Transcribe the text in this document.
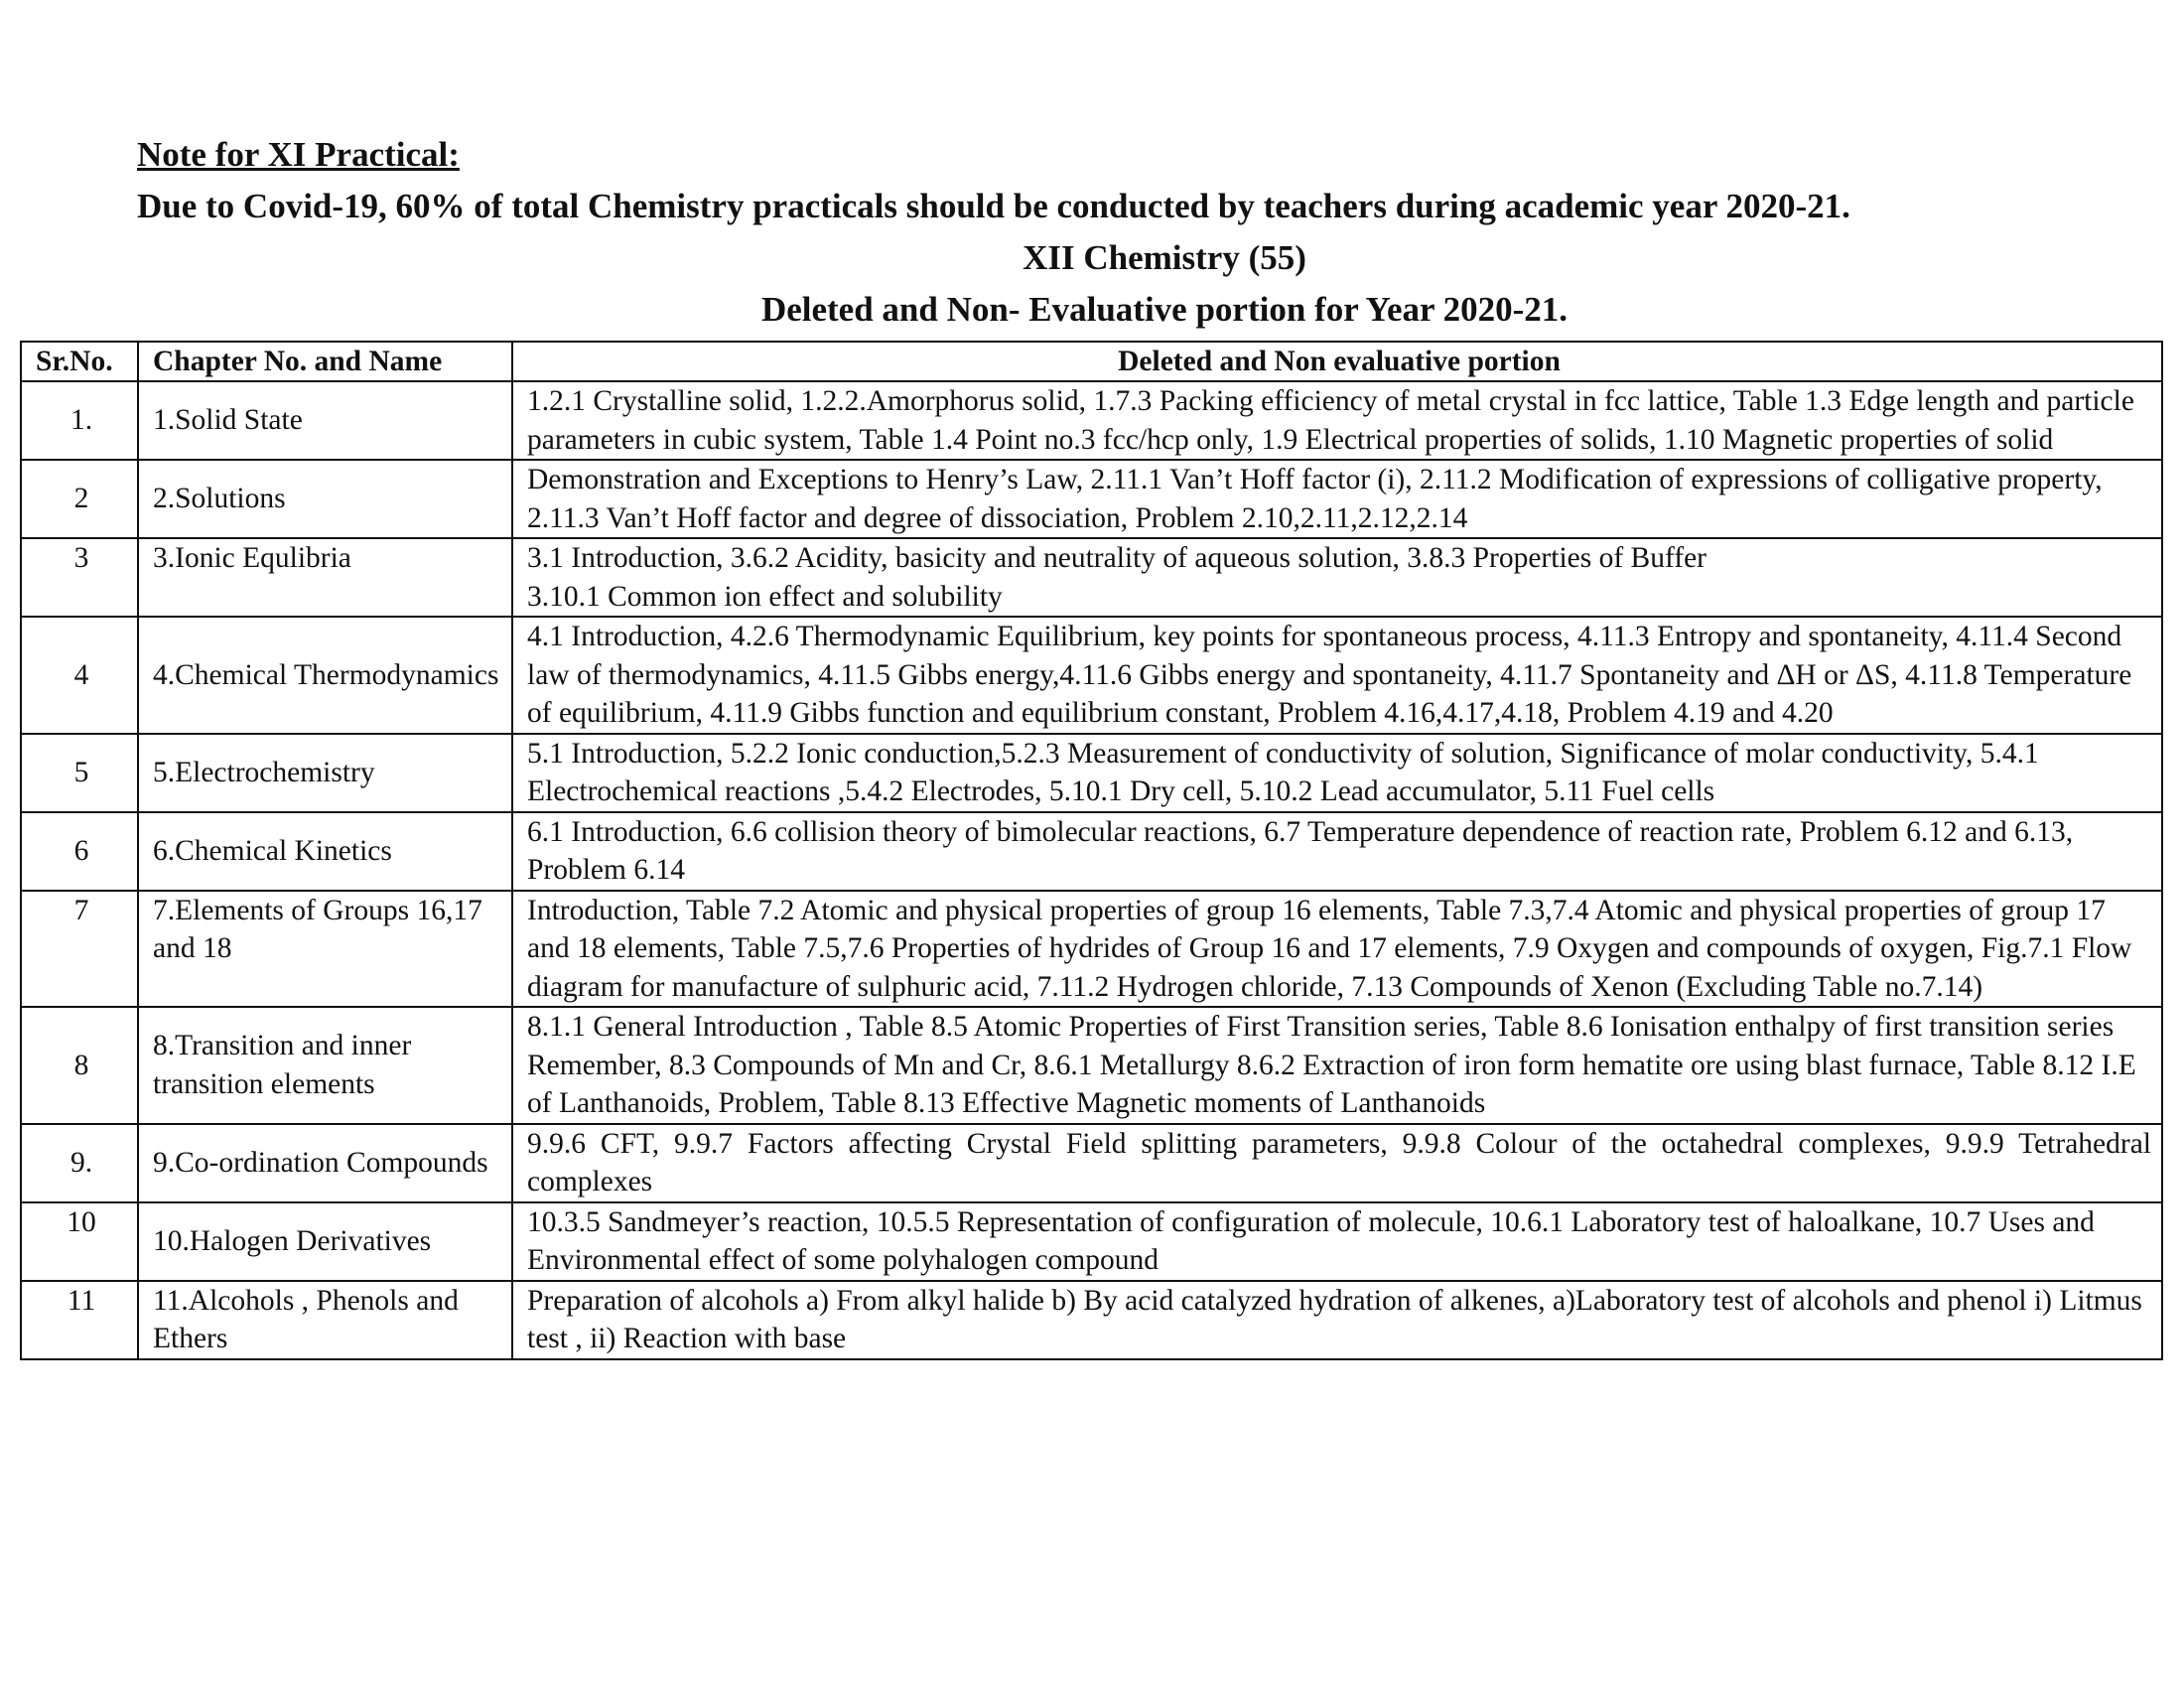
Note for XI Practical:
Due to Covid-19, 60% of total Chemistry practicals should be conducted by teachers during academic year 2020-21.
XII Chemistry (55)
Deleted and Non- Evaluative portion for Year 2020-21.
Sr.No.	Chapter No. and Name	Deleted and Non evaluative portion
1.	1.Solid State	1.2.1 Crystalline solid, 1.2.2.Amorphorus solid, 1.7.3 Packing efficiency of metal crystal in fcc lattice, Table 1.3 Edge length and particle parameters in cubic system, Table 1.4 Point no.3 fcc/hcp only, 1.9 Electrical properties of solids, 1.10 Magnetic properties of solid
2	2.Solutions	Demonstration and Exceptions to Henry’s Law, 2.11.1 Van’t Hoff factor (i), 2.11.2 Modification of expressions of colligative property, 2.11.3 Van’t Hoff factor and degree of dissociation, Problem 2.10,2.11,2.12,2.14
3	3.Ionic Equlibria	3.1 Introduction, 3.6.2 Acidity, basicity and neutrality of aqueous solution, 3.8.3 Properties of Buffer
3.10.1 Common ion effect and solubility
4	4.Chemical Thermodynamics	4.1 Introduction, 4.2.6 Thermodynamic Equilibrium, key points for spontaneous process, 4.11.3 Entropy and spontaneity, 4.11.4 Second law of thermodynamics, 4.11.5 Gibbs energy,4.11.6 Gibbs energy and spontaneity, 4.11.7 Spontaneity and ΔH or ΔS, 4.11.8 Temperature of equilibrium, 4.11.9 Gibbs function and equilibrium constant, Problem 4.16,4.17,4.18, Problem 4.19 and 4.20
5	5.Electrochemistry	5.1 Introduction, 5.2.2 Ionic conduction,5.2.3 Measurement of conductivity of solution, Significance of molar conductivity, 5.4.1 Electrochemical reactions ,5.4.2 Electrodes, 5.10.1 Dry cell, 5.10.2 Lead accumulator, 5.11 Fuel cells
6	6.Chemical Kinetics	6.1 Introduction, 6.6 collision theory of bimolecular reactions, 6.7 Temperature dependence of reaction rate, Problem 6.12 and 6.13, Problem 6.14
7	7.Elements of Groups 16,17 and 18	Introduction, Table 7.2 Atomic and physical properties of group 16 elements, Table 7.3,7.4 Atomic and physical properties of group 17 and 18 elements, Table 7.5,7.6 Properties of hydrides of Group 16 and 17 elements, 7.9 Oxygen and compounds of oxygen, Fig.7.1 Flow diagram for manufacture of sulphuric acid, 7.11.2 Hydrogen chloride, 7.13 Compounds of Xenon (Excluding Table no.7.14)
8	8.Transition and inner transition elements	8.1.1 General Introduction , Table 8.5 Atomic Properties of First Transition series, Table 8.6 Ionisation enthalpy of first transition series Remember, 8.3 Compounds of Mn and Cr, 8.6.1 Metallurgy 8.6.2 Extraction of iron form hematite ore using blast furnace, Table 8.12 I.E of Lanthanoids, Problem, Table 8.13 Effective Magnetic moments of Lanthanoids
9.	9.Co-ordination Compounds	9.9.6 CFT, 9.9.7 Factors affecting Crystal Field splitting parameters, 9.9.8 Colour of the octahedral complexes, 9.9.9 Tetrahedral complexes
10	10.Halogen Derivatives	10.3.5 Sandmeyer’s reaction, 10.5.5 Representation of configuration of molecule, 10.6.1 Laboratory test of haloalkane, 10.7 Uses and Environmental effect of some polyhalogen compound
11	11.Alcohols , Phenols and Ethers	Preparation of alcohols a) From alkyl halide b) By acid catalyzed hydration of alkenes, a)Laboratory test of alcohols and phenol i) Litmus test , ii) Reaction with base
